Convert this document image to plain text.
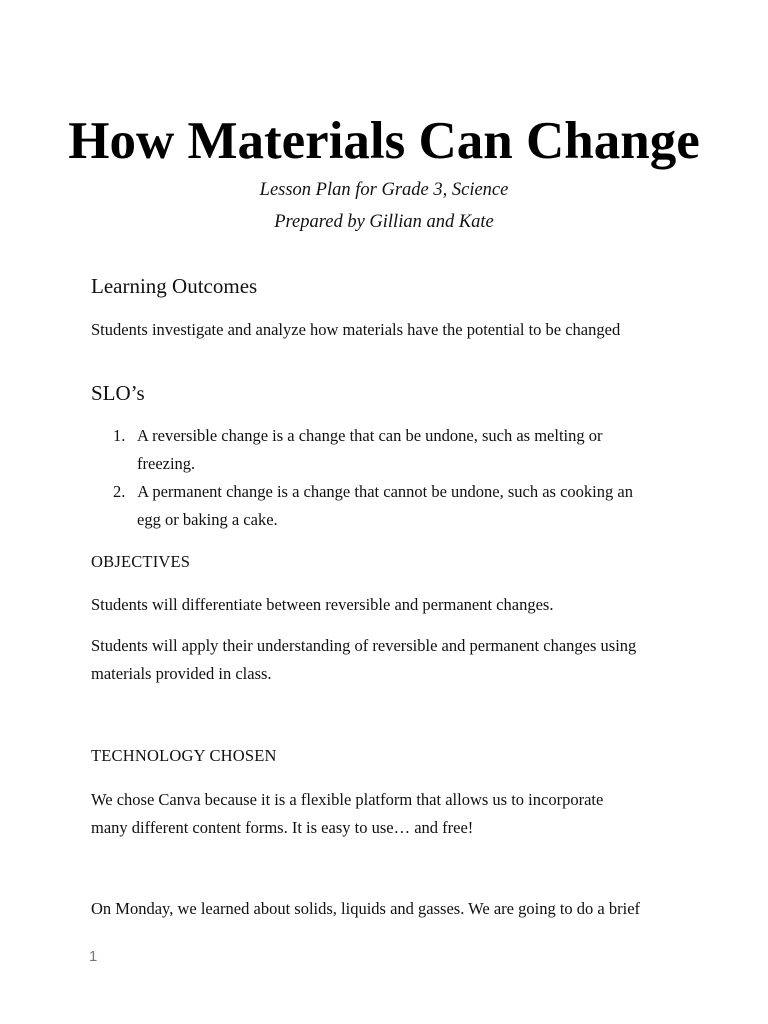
How Materials Can Change

Lesson Plan for Grade 3, Science

Prepared by Gillian and Kate

Learning Outcomes

Students investigate and analyze how materials have the potential to be changed

SLO’s
1. A reversible change is a change that can be undone, such as melting or
freezing.
2. A permanent change is a change that cannot be undone, such as cooking an
egg or baking a cake.
OBJECTIVES

Students will differentiate between reversible and permanent changes.

Students will apply their understanding of reversible and permanent changes using

materials provided in class.

TECHNOLOGY CHOSEN

We chose Canva because it is a flexible platform that allows us to incorporate

many different content forms. It is easy to use… and free!

On Monday, we learned about solids, liquids and gasses. We are going to do a brief

1
